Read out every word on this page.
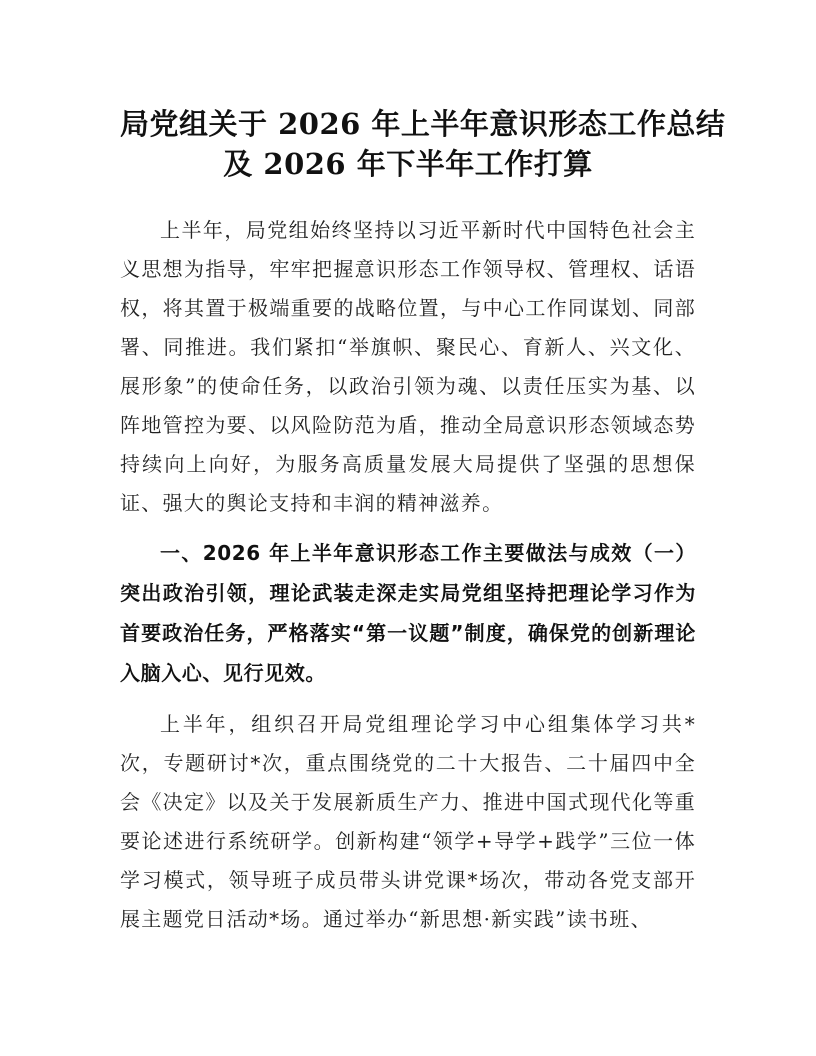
局党组关于 2026 年上半年意识形态工作总结
及 2026 年下半年工作打算

上半年，局党组始终坚持以习近平新时代中国特色社会主义思想为指导，牢牢把握意识形态工作领导权、管理权、话语权，将其置于极端重要的战略位置，与中心工作同谋划、同部署、同推进。我们紧扣“举旗帜、聚民心、育新人、兴文化、展形象”的使命任务，以政治引领为魂、以责任压实为基、以阵地管控为要、以风险防范为盾，推动全局意识形态领域态势持续向上向好，为服务高质量发展大局提供了坚强的思想保证、强大的舆论支持和丰润的精神滋养。

一、2026 年上半年意识形态工作主要做法与成效（一）突出政治引领，理论武装走深走实局党组坚持把理论学习作为首要政治任务，严格落实“第一议题”制度，确保党的创新理论入脑入心、见行见效。

上半年，组织召开局党组理论学习中心组集体学习共*次，专题研讨*次，重点围绕党的二十大报告、二十届四中全会《决定》以及关于发展新质生产力、推进中国式现代化等重要论述进行系统研学。创新构建“领学+导学+践学”三位一体学习模式，领导班子成员带头讲党课*场次，带动各党支部开展主题党日活动*场。通过举办“新思想·新实践”读书班、
